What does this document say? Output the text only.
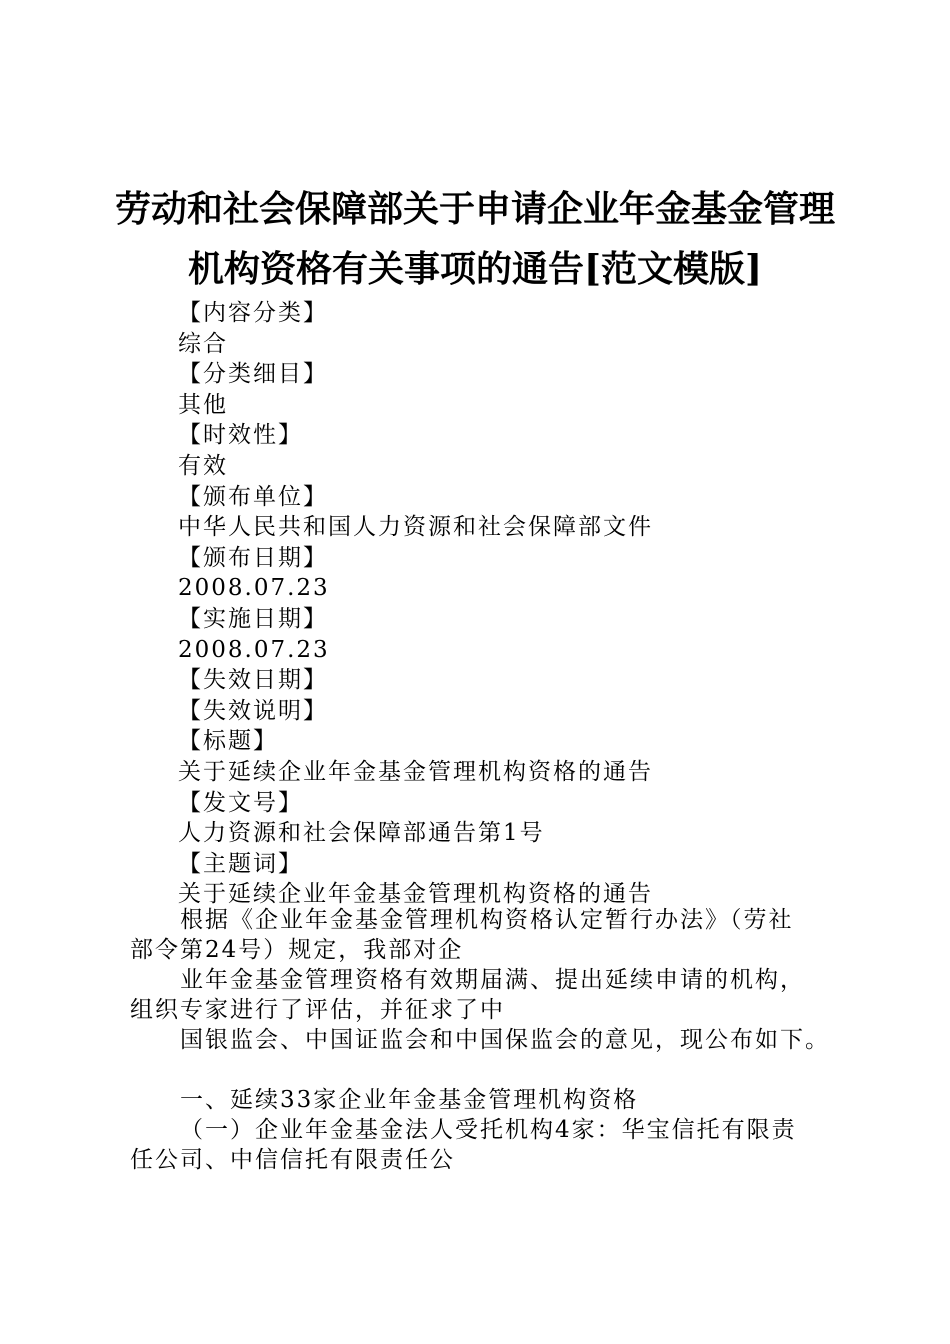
劳动和社会保障部关于申请企业年金基金管理
机构资格有关事项的通告[范文模版]
【内容分类】
综合
【分类细目】
其他
【时效性】
有效
【颁布单位】
中华人民共和国人力资源和社会保障部文件
【颁布日期】
2008.07.23
【实施日期】
2008.07.23
【失效日期】
【失效说明】
【标题】
关于延续企业年金基金管理机构资格的通告
【发文号】
人力资源和社会保障部通告第1号
【主题词】
关于延续企业年金基金管理机构资格的通告

根据《企业年金基金管理机构资格认定暂行办法》（劳社

部令第24号）规定，我部对企

业年金基金管理资格有效期届满、提出延续申请的机构，

组织专家进行了评估，并征求了中

国银监会、中国证监会和中国保监会的意见，现公布如下。

一、延续33家企业年金基金管理机构资格

（一）企业年金基金法人受托机构4家：华宝信托有限责

任公司、中信信托有限责任公
